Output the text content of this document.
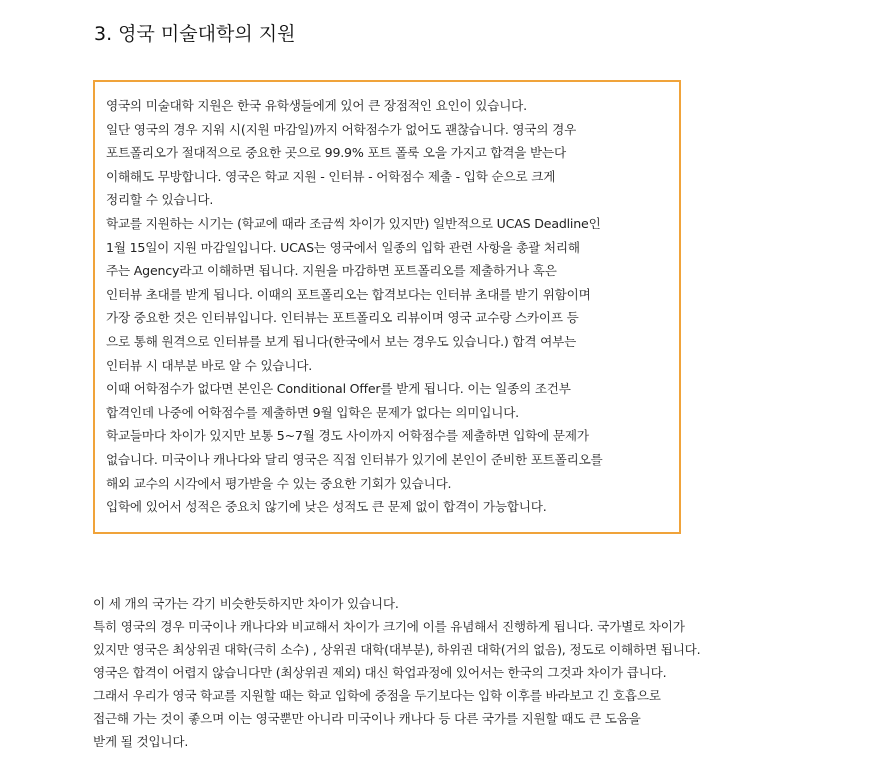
3. 영국 미술대학의 지원
영국의 미술대학 지원은 한국 유학생들에게 있어 큰 장점적인 요인이 있습니다.
일단 영국의 경우 지워 시(지원 마감일)까지 어학점수가 없어도 괜찮습니다. 영국의 경우
포트폴리오가 절대적으로 중요한 곳으로 99.9% 포트 폴룩 오을 가지고 합격을 받는다
이해해도 무방합니다. 영국은 학교 지원 - 인터뷰 - 어학점수 제출 - 입학 순으로 크게
정리할 수 있습니다.
학교를 지원하는 시기는 (학교에 때라 조금씩 차이가 있지만) 일반적으로 UCAS Deadline인
1월 15일이 지원 마감일입니다. UCAS는 영국에서 일종의 입학 관련 사항을 총괄 처리해
주는 Agency라고 이해하면 됩니다. 지원을 마감하면 포트폴리오를 제출하거나 혹은
인터뷰 초대를 받게 됩니다. 이때의 포트폴리오는 합격보다는 인터뷰 초대를 받기 위함이며
가장 중요한 것은 인터뷰입니다. 인터뷰는 포트폴리오 리뷰이며 영국 교수랑 스카이프 등
으로 통해 원격으로 인터뷰를 보게 됩니다(한국에서 보는 경우도 있습니다.) 합격 여부는
인터뷰 시 대부분 바로 알 수 있습니다.
이때 어학점수가 없다면 본인은 Conditional Offer를 받게 됩니다. 이는 일종의 조건부
합격인데 나중에 어학점수를 제출하면 9월 입학은 문제가 없다는 의미입니다.
학교들마다 차이가 있지만 보통 5~7월 경도 사이까지 어학점수를 제출하면 입학에 문제가
없습니다. 미국이나 캐나다와 달리 영국은 직접 인터뷰가 있기에 본인이 준비한 포트폴리오를
해외 교수의 시각에서 평가받을 수 있는 중요한 기회가 있습니다.
입학에 있어서 성적은 중요치 않기에 낮은 성적도 큰 문제 없이 합격이 가능합니다.
이 세 개의 국가는 각기 비슷한듯하지만 차이가 있습니다.
특히 영국의 경우 미국이나 캐나다와 비교해서 차이가 크기에 이를 유념해서 진행하게 됩니다. 국가별로 차이가
있지만 영국은 최상위권 대학(극히 소수) , 상위권 대학(대부분), 하위권 대학(거의 없음), 정도로 이해하면 됩니다.
영국은 합격이 어렵지 않습니다만 (최상위권 제외) 대신 학업과정에 있어서는 한국의 그것과 차이가 큽니다.
그래서 우리가 영국 학교를 지원할 때는 학교 입학에 중점을 두기보다는 입학 이후를 바라보고 긴 호흡으로
접근해 가는 것이 좋으며 이는 영국뿐만 아니라 미국이나 캐나다 등 다른 국가를 지원할 때도 큰 도움을
받게 될 것입니다.
